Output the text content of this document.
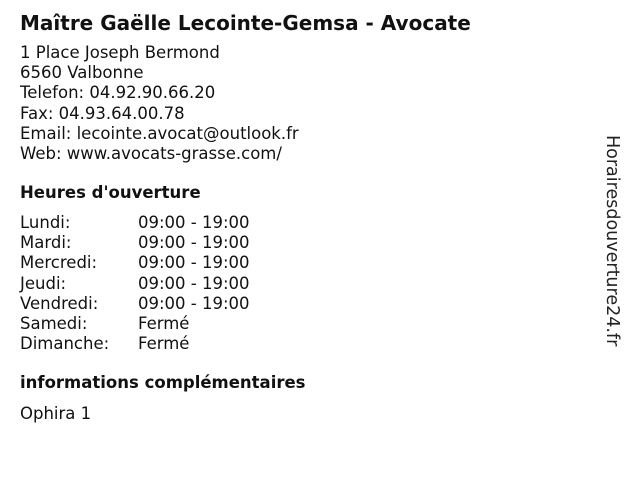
Maître Gaëlle Lecointe-Gemsa - Avocate
1 Place Joseph Bermond
6560 Valbonne
Telefon: 04.92.90.66.20
Fax: 04.93.64.00.78
Email: lecointe.avocat@outlook.fr
Web: www.avocats-grasse.com/
Heures d'ouverture
Lundi:	09:00 - 19:00
Mardi:	09:00 - 19:00
Mercredi:	09:00 - 19:00
Jeudi:	09:00 - 19:00
Vendredi:	09:00 - 19:00
Samedi:	Fermé
Dimanche:	Fermé
informations complémentaires
Ophira 1
Horairesdouverture24.fr
